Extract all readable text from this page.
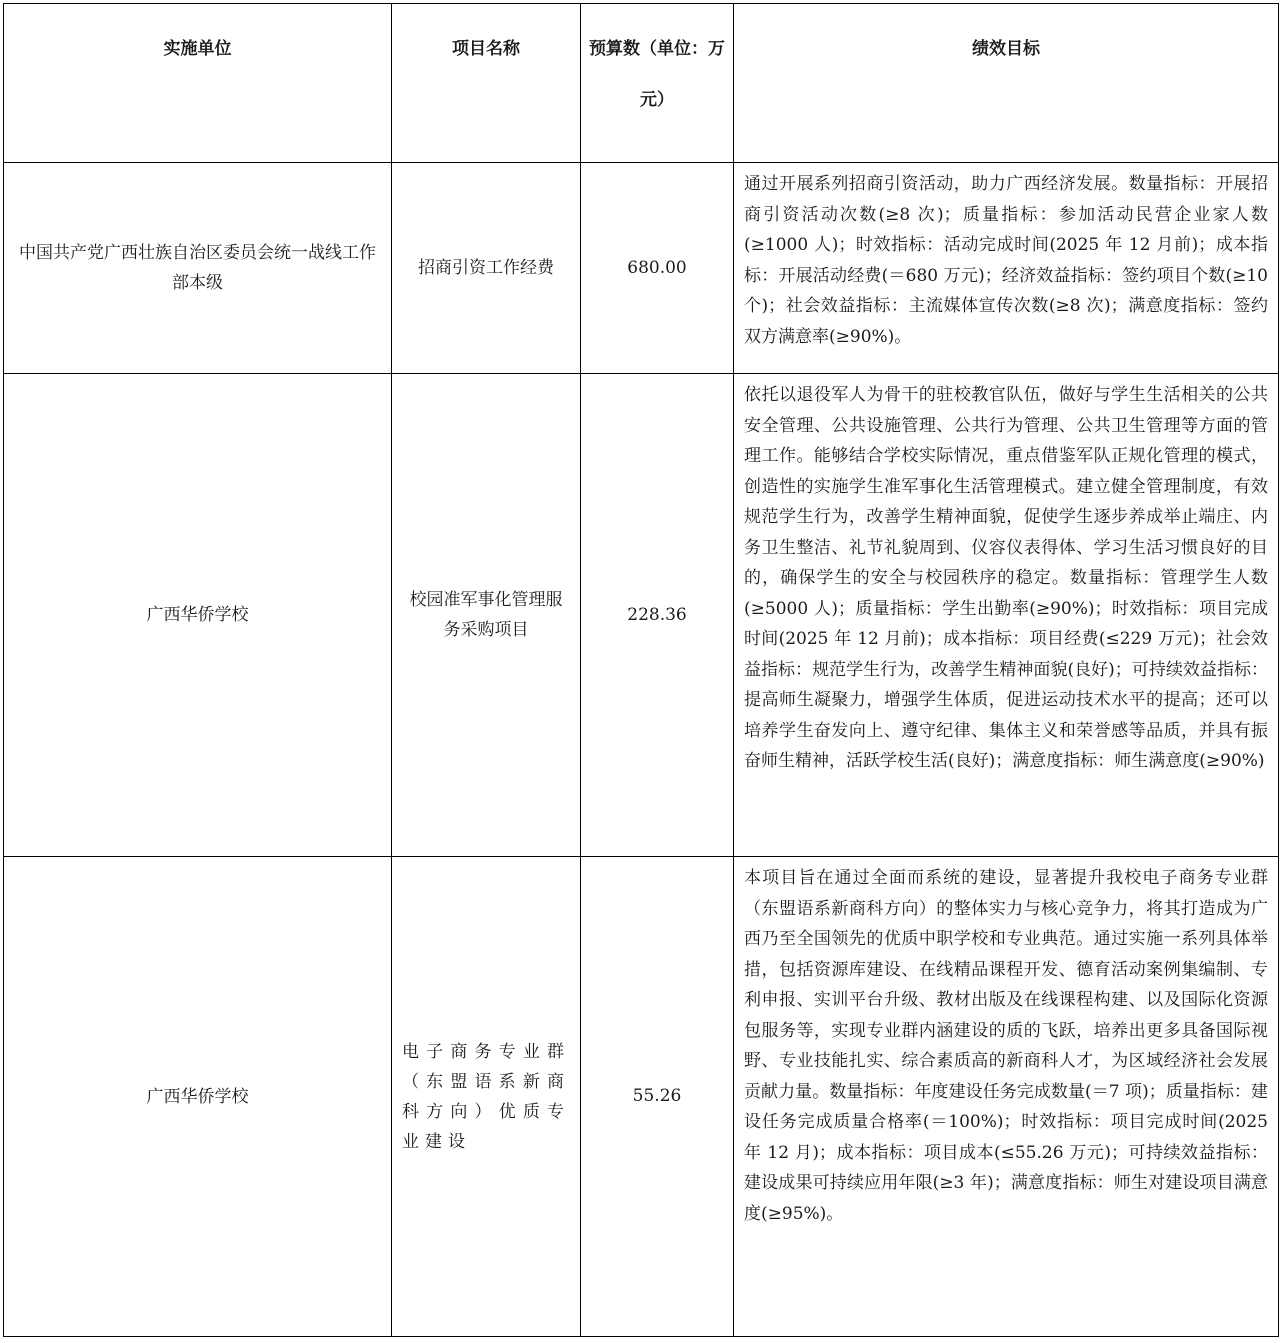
实施单位	项目名称	预算数（单位：万元）	绩效目标
中国共产党广西壮族自治区委员会统一战线工作部本级	招商引资工作经费	680.00	通过开展系列招商引资活动，助力广西经济发展。数量指标：开展招商引资活动次数(≥8 次)；质量指标：参加活动民营企业家人数(≥1000 人)；时效指标：活动完成时间(2025 年 12 月前)；成本指标：开展活动经费(＝680 万元)；经济效益指标：签约项目个数(≥10 个)；社会效益指标：主流媒体宣传次数(≥8 次)；满意度指标：签约双方满意率(≥90%)。
广西华侨学校	校园准军事化管理服务采购项目	228.36	依托以退役军人为骨干的驻校教官队伍，做好与学生生活相关的公共安全管理、公共设施管理、公共行为管理、公共卫生管理等方面的管理工作。能够结合学校实际情况，重点借鉴军队正规化管理的模式，创造性的实施学生准军事化生活管理模式。建立健全管理制度，有效规范学生行为，改善学生精神面貌，促使学生逐步养成举止端庄、内务卫生整洁、礼节礼貌周到、仪容仪表得体、学习生活习惯良好的目的，确保学生的安全与校园秩序的稳定。数量指标：管理学生人数(≥5000 人)；质量指标：学生出勤率(≥90%)；时效指标：项目完成时间(2025 年 12 月前)；成本指标：项目经费(≤229 万元)；社会效益指标：规范学生行为，改善学生精神面貌(良好)；可持续效益指标：提高师生凝聚力，增强学生体质，促进运动技术水平的提高；还可以培养学生奋发向上、遵守纪律、集体主义和荣誉感等品质，并具有振奋师生精神，活跃学校生活(良好)；满意度指标：师生满意度(≥90%)
广西华侨学校	电子商务专业群（东盟语系新商科方向）优质专业建设	55.26	本项目旨在通过全面而系统的建设，显著提升我校电子商务专业群（东盟语系新商科方向）的整体实力与核心竞争力，将其打造成为广西乃至全国领先的优质中职学校和专业典范。通过实施一系列具体举措，包括资源库建设、在线精品课程开发、德育活动案例集编制、专利申报、实训平台升级、教材出版及在线课程构建、以及国际化资源包服务等，实现专业群内涵建设的质的飞跃，培养出更多具备国际视野、专业技能扎实、综合素质高的新商科人才，为区域经济社会发展贡献力量。数量指标：年度建设任务完成数量(＝7 项)；质量指标：建设任务完成质量合格率(＝100%)；时效指标：项目完成时间(2025 年 12 月)；成本指标：项目成本(≤55.26 万元)；可持续效益指标：建设成果可持续应用年限(≥3 年)；满意度指标：师生对建设项目满意度(≥95%)。
